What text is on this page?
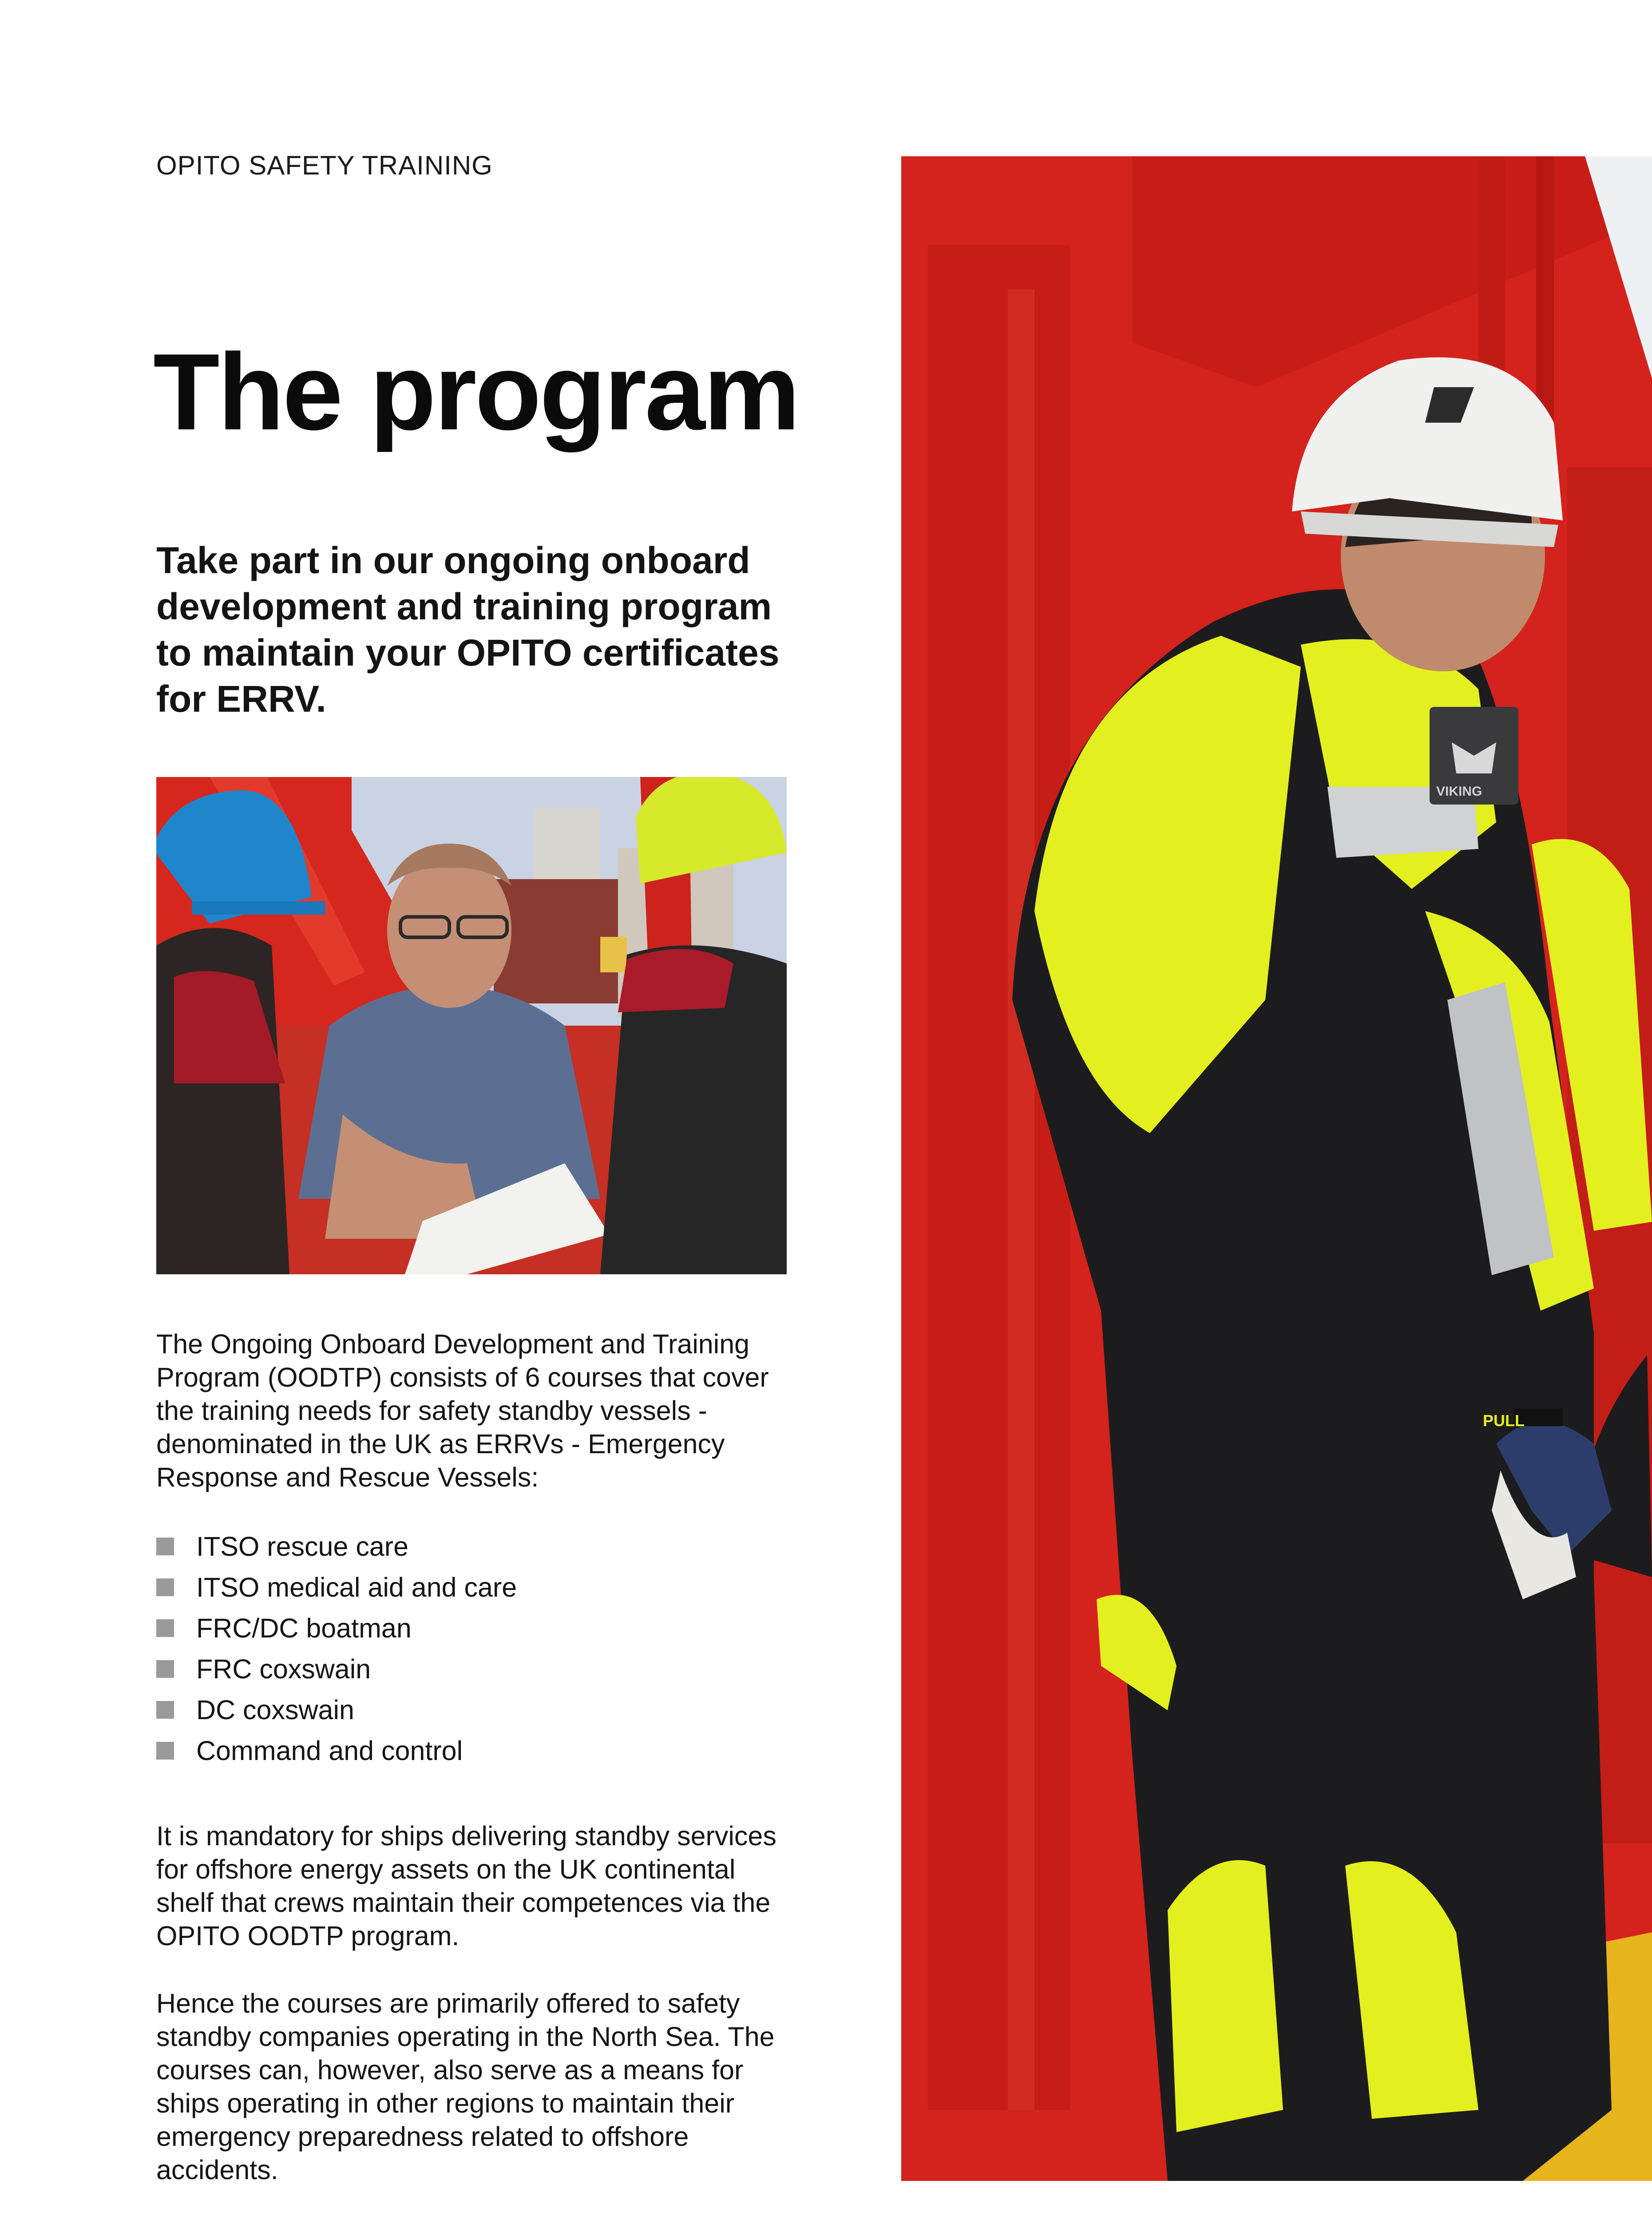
OPITO SAFETY TRAINING
The program
Take part in our ongoing onboard development and training program to maintain your OPITO certificates for ERRV.
The Ongoing Onboard Development and Training Program (OODTP) consists of 6 courses that cover the training needs for safety standby vessels - denominated in the UK as ERRVs - Emergency Response and Rescue Vessels:
ITSO rescue care
ITSO medical aid and care
FRC/DC boatman
FRC coxswain
DC coxswain
Command and control
It is mandatory for ships delivering standby services for offshore energy assets on the UK continental shelf that crews maintain their competences via the OPITO OODTP program.
Hence the courses are primarily offered to safety standby companies operating in the North Sea. The courses can, however, also serve as a means for ships operating in other regions to maintain their emergency preparedness related to offshore accidents.
PULL
VIKING
